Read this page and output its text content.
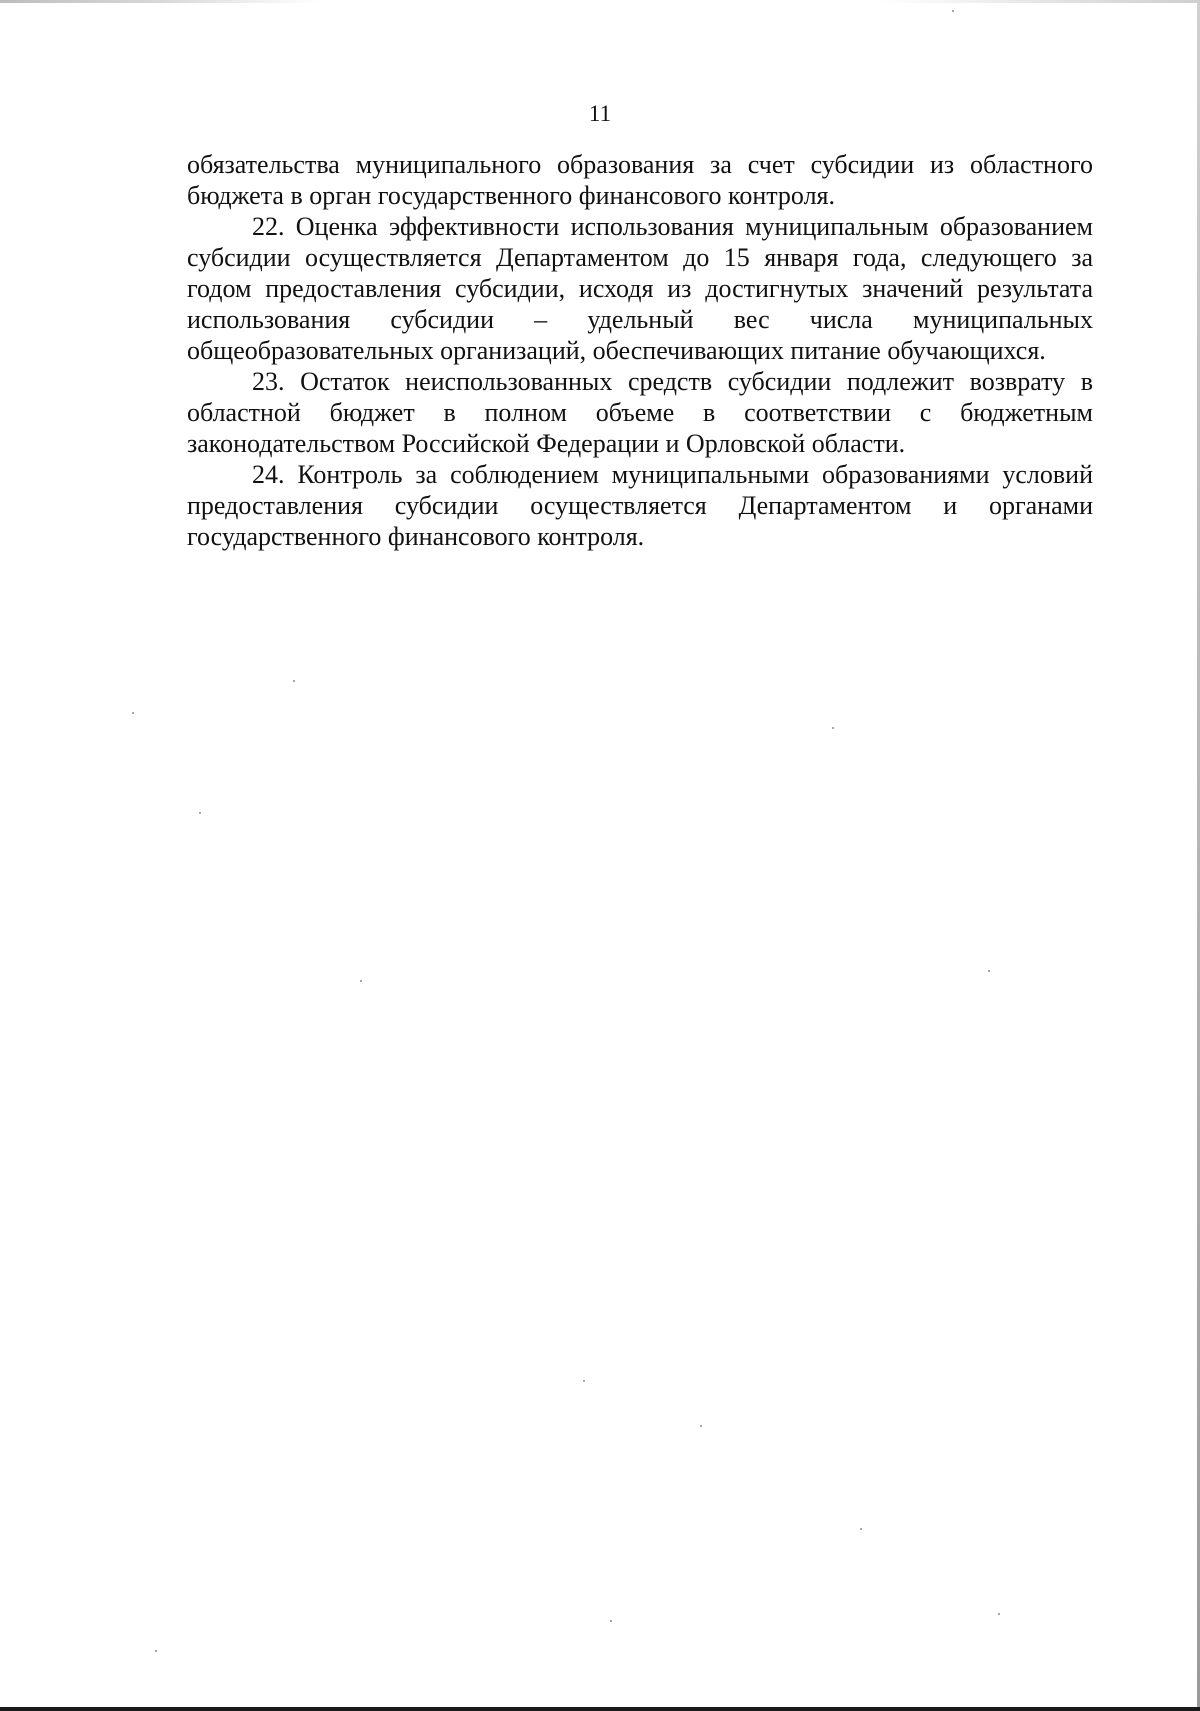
11

обязательства муниципального образования за счет субсидии из областного бюджета в орган государственного финансового контроля.

22. Оценка эффективности использования муниципальным образованием субсидии осуществляется Департаментом до 15 января года, следующего за годом предоставления субсидии, исходя из достигнутых значений результата использования субсидии – удельный вес числа муниципальных общеобразовательных организаций, обеспечивающих питание обучающихся.

23. Остаток неиспользованных средств субсидии подлежит возврату в областной бюджет в полном объеме в соответствии с бюджетным законодательством Российской Федерации и Орловской области.

24. Контроль за соблюдением муниципальными образованиями условий предоставления субсидии осуществляется Департаментом и органами государственного финансового контроля.
